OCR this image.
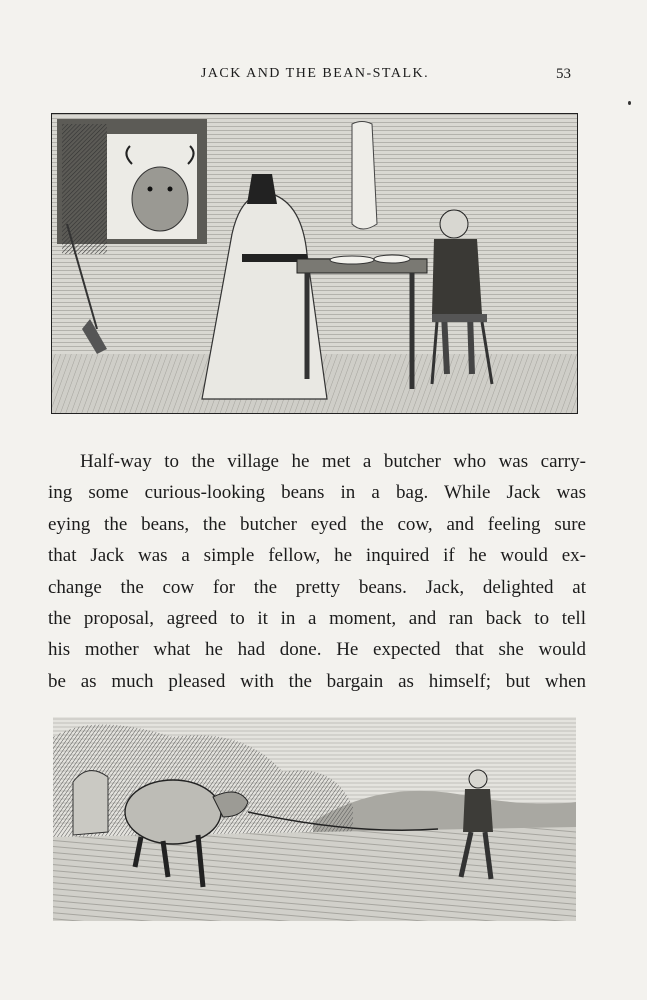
JACK AND THE BEAN-STALK.	53
Half-way to the village he met a butcher who was carry-
ing some curious-looking beans in a bag. While Jack was
eying the beans, the butcher eyed the cow, and feeling sure
that Jack was a simple fellow, he inquired if he would ex-
change the cow for the pretty beans. Jack, delighted at
the proposal, agreed to it in a moment, and ran back to tell
his mother what he had done. He expected that she would
be as much pleased with the bargain as himself; but when
